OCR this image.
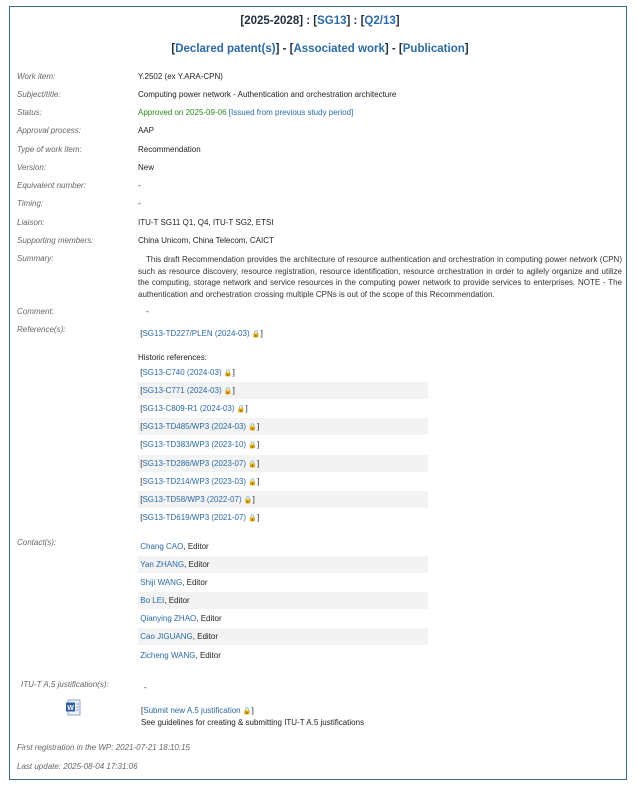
[2025-2028] : [SG13] : [Q2/13]
[Declared patent(s)] - [Associated work] - [Publication]
Work item:	Y.2502 (ex Y.ARA-CPN)
Subject/title:	Computing power network - Authentication and orchestration architecture
Status:	Approved on 2025-09-06 [Issued from previous study period]
Approval process:	AAP
Type of work item:	Recommendation
Version:	New
Equivalent number:	-
Timing:	-
Liaison:	ITU-T SG11 Q1, Q4, ITU-T SG2, ETSI
Supporting members:	China Unicom, China Telecom, CAICT
Summary:	This draft Recommendation provides the architecture of resource authentication and orchestration in computing power network (CPN) such as resource discovery, resource registration, resource identification, resource orchestration in order to agilely organize and utilize the computing, storage network and service resources in the computing power network to provide services to enterprises. NOTE - The authentication and orchestration crossing multiple CPNs is out of the scope of this Recommendation.
Comment:	-
Reference(s):	[SG13-TD227/PLEN (2024-03) 🔒]
Historic references:
[SG13-C740 (2024-03) 🔒]
[SG13-C771 (2024-03) 🔒]
[SG13-C809-R1 (2024-03) 🔒]
[SG13-TD485/WP3 (2024-03) 🔒]
[SG13-TD383/WP3 (2023-10) 🔒]
[SG13-TD286/WP3 (2023-07) 🔒]
[SG13-TD214/WP3 (2023-03) 🔒]
[SG13-TD58/WP3 (2022-07) 🔒]
[SG13-TD619/WP3 (2021-07) 🔒]
Contact(s):	Chang CAO, Editor
Yan ZHANG, Editor
Shiji WANG, Editor
Bo LEI, Editor
Qianying ZHAO, Editor
Cao JIGUANG, Editor
Zicheng WANG, Editor
ITU-T A.5 justification(s):	-
W	[Submit new A.5 justification 🔒]
See guidelines for creating & submitting ITU-T A.5 justifications
First registration in the WP: 2021-07-21 18:10:15
Last update: 2025-08-04 17:31:06
